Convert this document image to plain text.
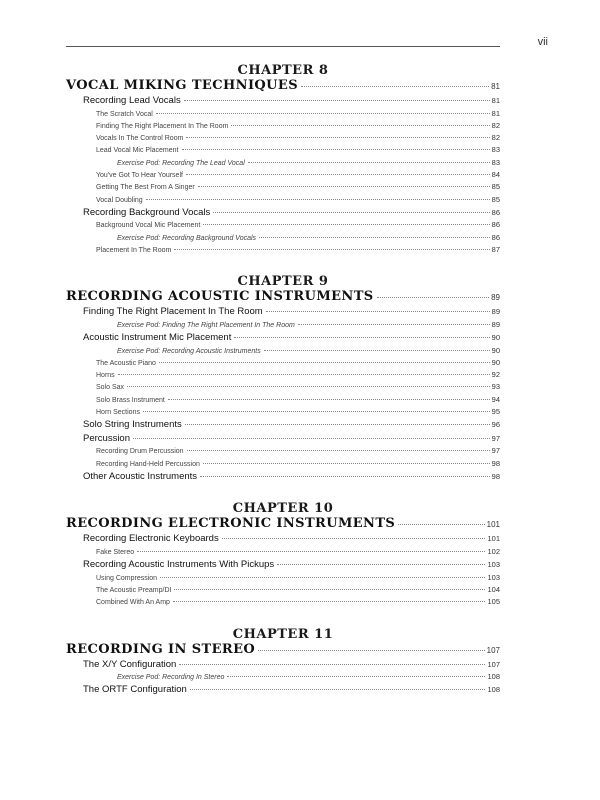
vii
CHAPTER 8
VOCAL MIKING TECHNIQUES	81
Recording Lead Vocals	81
The Scratch Vocal	81
Finding The Right Placement In The Room	82
Vocals In The Control Room	82
Lead Vocal Mic Placement	83
Exercise Pod: Recording The Lead Vocal	83
You've Got To Hear Yourself	84
Getting The Best From A Singer	85
Vocal Doubling	85
Recording Background Vocals	86
Background Vocal Mic Placement	86
Exercise Pod: Recording Background Vocals	86
Placement In The Room	87
CHAPTER 9
RECORDING ACOUSTIC INSTRUMENTS	89
Finding The Right Placement In The Room	89
Exercise Pod: Finding The Right Placement In The Room	89
Acoustic Instrument Mic Placement	90
Exercise Pod: Recording Acoustic Instruments	90
The Acoustic Piano	90
Horns	92
Solo Sax	93
Solo Brass Instrument	94
Horn Sections	95
Solo String Instruments	96
Percussion	97
Recording Drum Percussion	97
Recording Hand-Held Percussion	98
Other Acoustic Instruments	98
CHAPTER 10
RECORDING ELECTRONIC INSTRUMENTS	101
Recording Electronic Keyboards	101
Fake Stereo	102
Recording Acoustic Instruments With Pickups	103
Using Compression	103
The Acoustic Preamp/DI	104
Combined With An Amp	105
CHAPTER 11
RECORDING IN STEREO	107
The X/Y Configuration	107
Exercise Pod: Recording In Stereo	108
The ORTF Configuration	108
